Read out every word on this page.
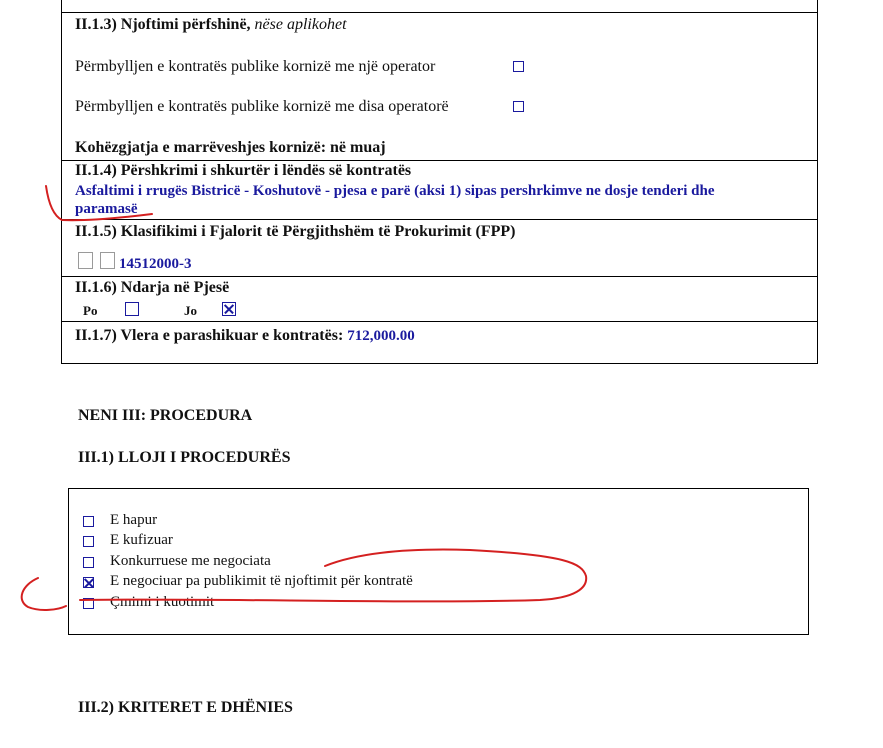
II.1.3) Njoftimi përfshinë, nëse aplikohet
Përmbylljen e kontratës publike kornizë me një operator
Përmbylljen e kontratës publike kornizë me disa operatorë
Kohëzgjatja e marrëveshjes kornizë: në muaj
II.1.4) Përshkrimi i shkurtër i lëndës së kontratës
Asfaltimi i rrugës Bistricë - Koshutovë - pjesa e parë (aksi 1) sipas pershrkimve ne dosje tenderi dhe
paramasë
II.1.5) Klasifikimi i Fjalorit të Përgjithshëm të Prokurimit (FPP)
14512000-3
II.1.6) Ndarja në Pjesë
Po	Jo
II.1.7) Vlera e parashikuar e kontratës: 712,000.00
NENI III: PROCEDURA
III.1) LLOJI I PROCEDURËS
E hapur
E kufizuar
Konkurruese me negociata
E negociuar pa publikimit të njoftimit për kontratë
Çmimi i kuotimit
III.2) KRITERET E DHËNIES
